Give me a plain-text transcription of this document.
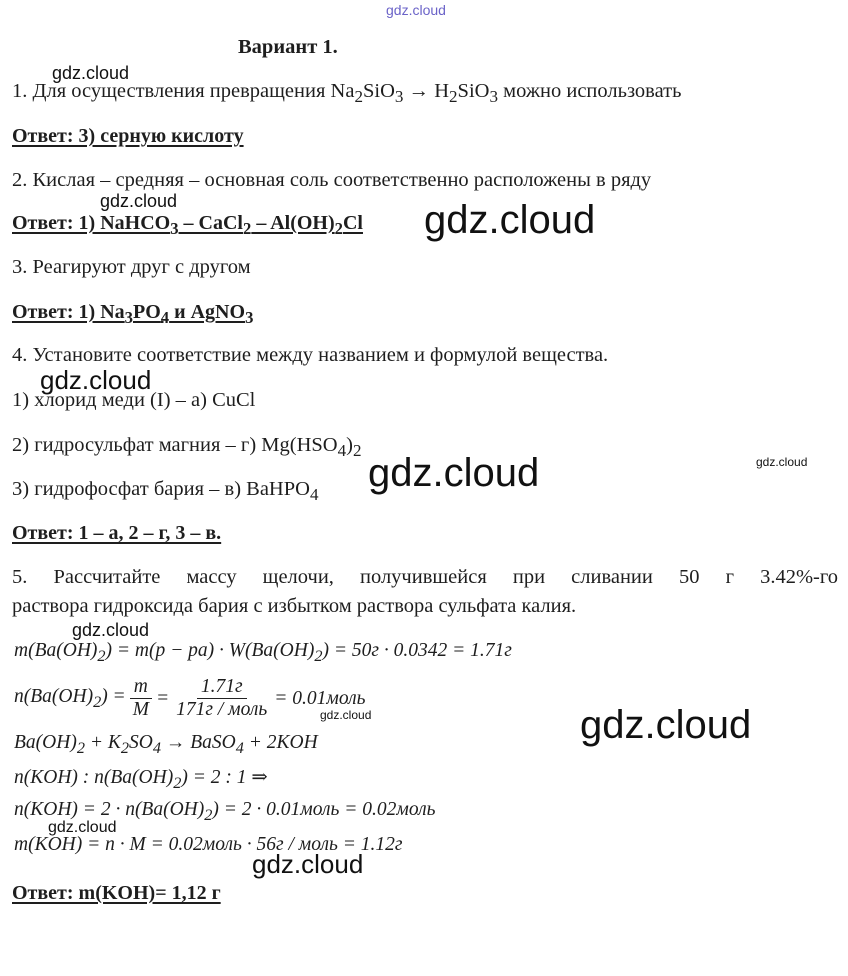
gdz.cloud
Вариант 1.
gdz.cloud
1. Для осуществления превращения $Na_2SiO_3 \to H_2SiO_3$ можно использовать
Ответ: 3) серную кислоту
2. Кислая – средняя – основная соль соответственно расположены в ряду
gdz.cloud
Ответ: 1) NaHCO$_3$ – CaCl$_2$ – $Al(OH)_2Cl$ gdz.cloud
3. Реагируют друг с другом
Ответ: 1) $Na_3PO_4$ и AgNO$_3$
4. Установите соответствие между названием и формулой вещества.
gdz.cloud
1) хлорид меди (I) – а) CuCl
2) гидросульфат магния – г) $Mg(HSO_4)_2$
gdz.cloud
3) гидрофосфат бария – в) BaHPO$_4$ gdz.cloud
Ответ: 1 – а, 2 – г, 3 – в.
5. Рассчитайте массу щелочи, получившейся при сливании 50 г 3.42%-го
раствора гидроксида бария с избытком раствора сульфата калия.
gdz.cloud
$m(Ba(OH)_2) = m(p - pa) \cdot W(Ba(OH)_2) = 50г \cdot 0.0342 = 1.71г$
$n(Ba(OH)_2) = \frac{m}{M} = \frac{1.71г}{\text{171г / моль}}$ = 0.01моль
gdz.cloud	gdz.cloud
$Ba(OH)_2 + K_2SO_4$ → BaSO$_4$ + 2KOH
n(KOH) : $n(Ba(OH)_2) = 2$ : 1 ⇒
$n(KOH) = 2 \cdot n(Ba(OH)_2) = 2$ · 0.01моль = 0.02моль
gdz.cloud
m(KOH) = n · M = 0.02моль · 56г / моль = 1.12г
gdz.cloud
Ответ: m(KOH)= 1,12 г
